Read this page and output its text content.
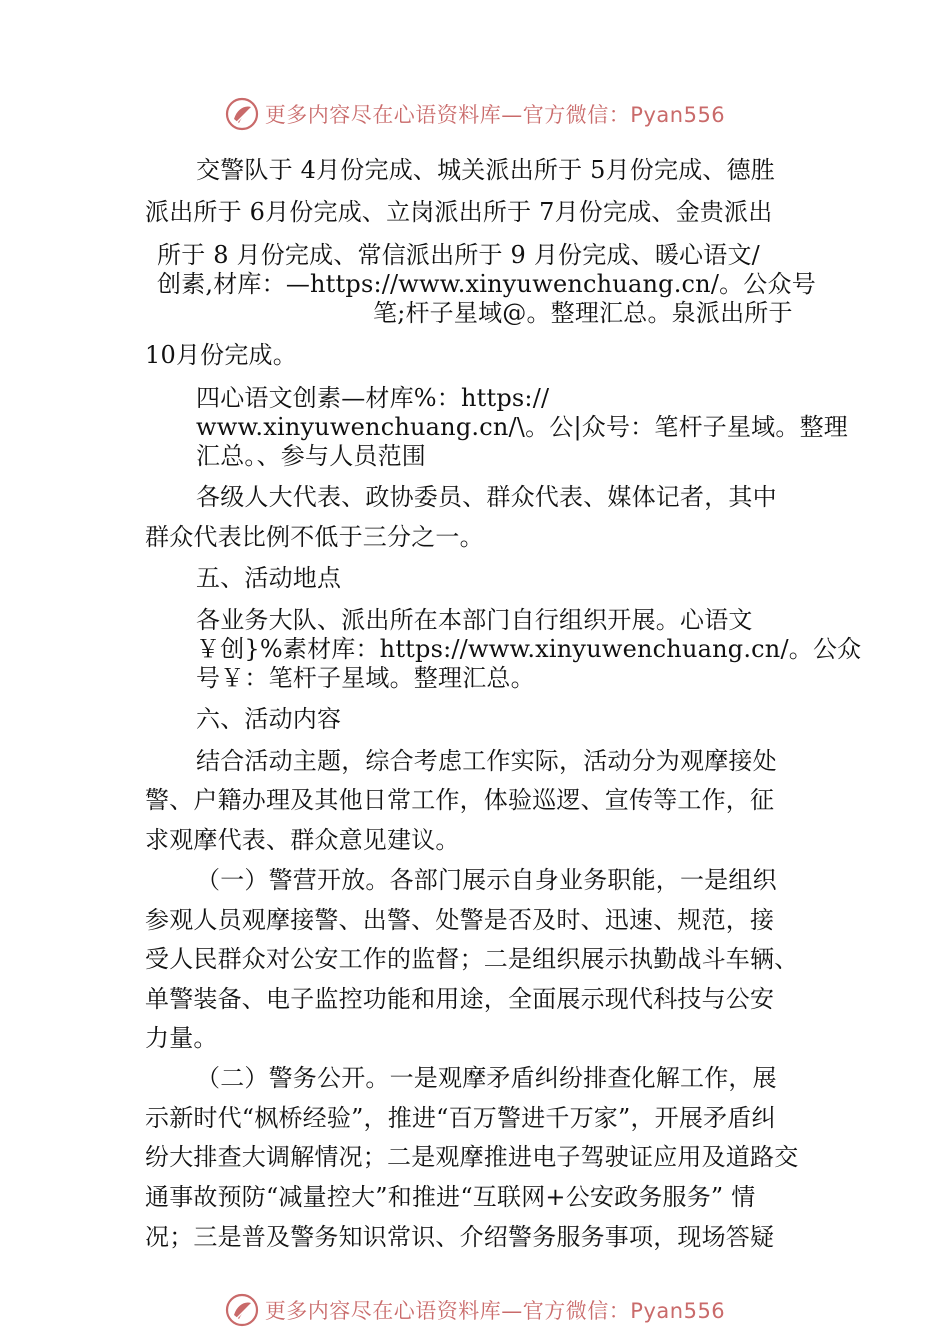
更多内容尽在心语资料库—官方微信：Pyan556
交警队于 4月份完成、城关派出所于 5月份完成、德胜
派出所于 6月份完成、立岗派出所于 7月份完成、金贵派出
所于 8 月份完成、常信派出所于 9 月份完成、暖心语文/
创素,材库：—https://www.xinyuwenchuang.cn/。公众号
笔;杆子星域@。整理汇总。泉派出所于
10月份完成。
四心语文创素—材库%：https://
www.xinyuwenchuang.cn/\。公|众号：笔杆子星域。整理
汇总。、参与人员范围
各级人大代表、政协委员、群众代表、媒体记者，其中
群众代表比例不低于三分之一。
五、活动地点
各业务大队、派出所在本部门自行组织开展。心语文
￥创}%素材库：https://www.xinyuwenchuang.cn/。公众
号￥：笔杆子星域。整理汇总。
六、活动内容
结合活动主题，综合考虑工作实际，活动分为观摩接处
警、户籍办理及其他日常工作，体验巡逻、宣传等工作，征
求观摩代表、群众意见建议。
（一）警营开放。各部门展示自身业务职能，一是组织
参观人员观摩接警、出警、处警是否及时、迅速、规范，接
受人民群众对公安工作的监督；二是组织展示执勤战斗车辆、
单警装备、电子监控功能和用途，全面展示现代科技与公安
力量。
（二）警务公开。一是观摩矛盾纠纷排查化解工作，展
示新时代“枫桥经验”，推进“百万警进千万家”，开展矛盾纠
纷大排查大调解情况；二是观摩推进电子驾驶证应用及道路交
通事故预防“减量控大”和推进“互联网+公安政务服务” 情
况；三是普及警务知识常识、介绍警务服务事项，现场答疑
更多内容尽在心语资料库—官方微信：Pyan556
